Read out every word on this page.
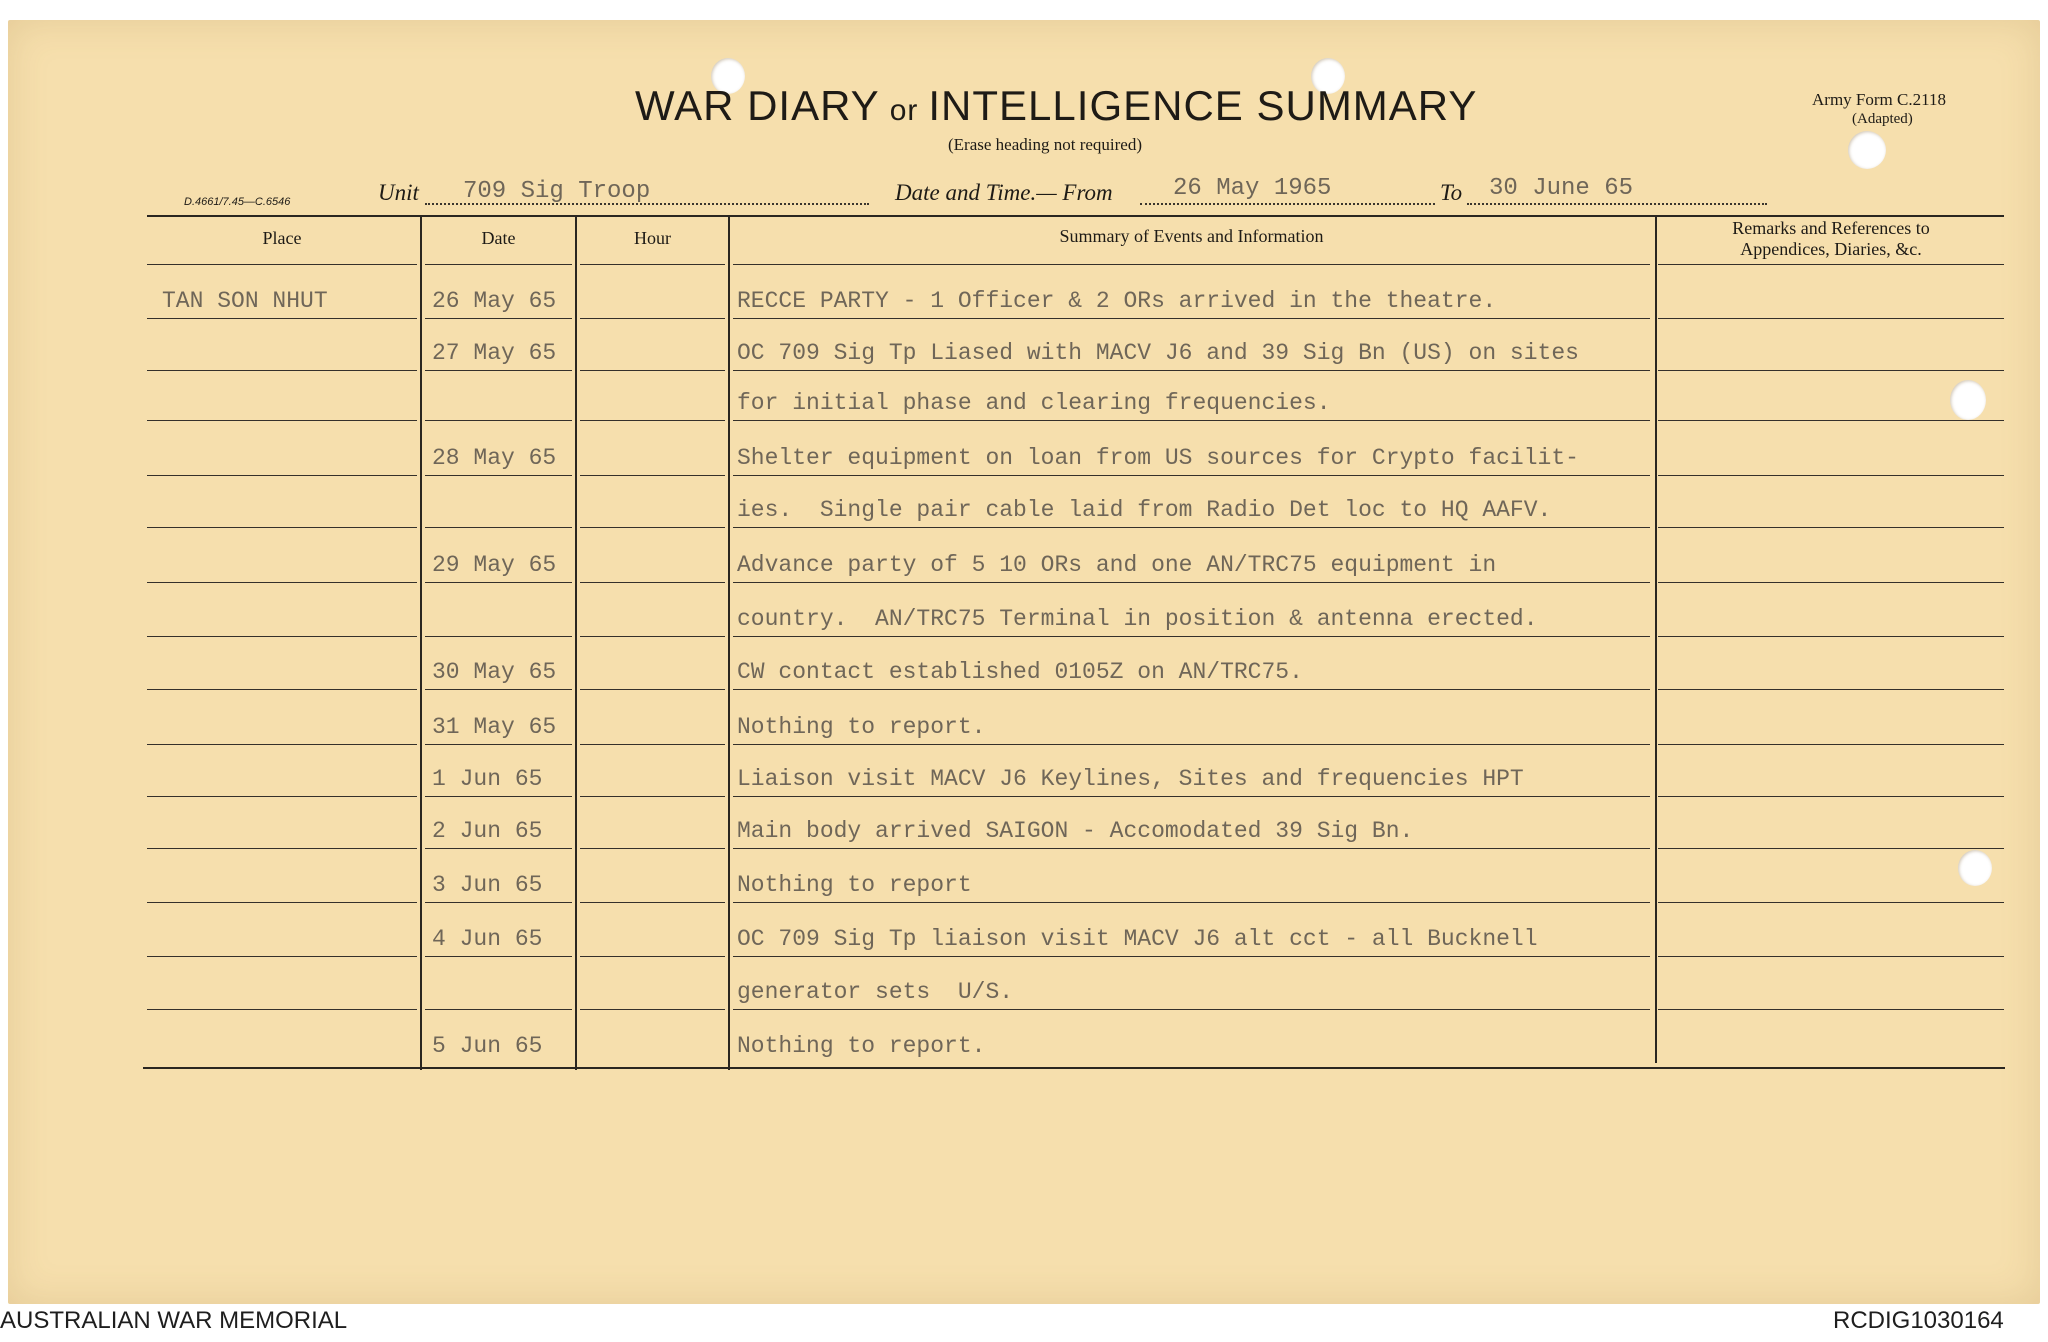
WAR DIARY or INTELLIGENCE SUMMARY
(Erase heading not required)
Army Form C.2118
(Adapted)
D.4661/7.45—C.6546	Unit 709 Sig Troop	Date and Time.— From	26 May 1965	To 30 June 65
Place	Date	Hour	Summary of Events and Information	Remarks and References to
Appendices, Diaries, &c.
TAN SON NHUT	26 May 65	RECCE PARTY - 1 Officer & 2 ORs arrived in the theatre.
27 May 65	OC 709 Sig Tp Liased with MACV J6 and 39 Sig Bn (US) on sites
for initial phase and clearing frequencies.
28 May 65	Shelter equipment on loan from US sources for Crypto facilit-
ies.  Single pair cable laid from Radio Det loc to HQ AAFV.
29 May 65	Advance party of 5 10 ORs and one AN/TRC75 equipment in
country.  AN/TRC75 Terminal in position & antenna erected.
30 May 65	CW contact established 0105Z on AN/TRC75.
31 May 65	Nothing to report.
1 Jun 65	Liaison visit MACV J6 Keylines, Sites and frequencies HPT
2 Jun 65	Main body arrived SAIGON - Accomodated 39 Sig Bn.
3 Jun 65	Nothing to report
4 Jun 65	OC 709 Sig Tp liaison visit MACV J6 alt cct - all Bucknell
generator sets  U/S.
5 Jun 65	Nothing to report.
AUSTRALIAN WAR MEMORIAL	RCDIG1030164
